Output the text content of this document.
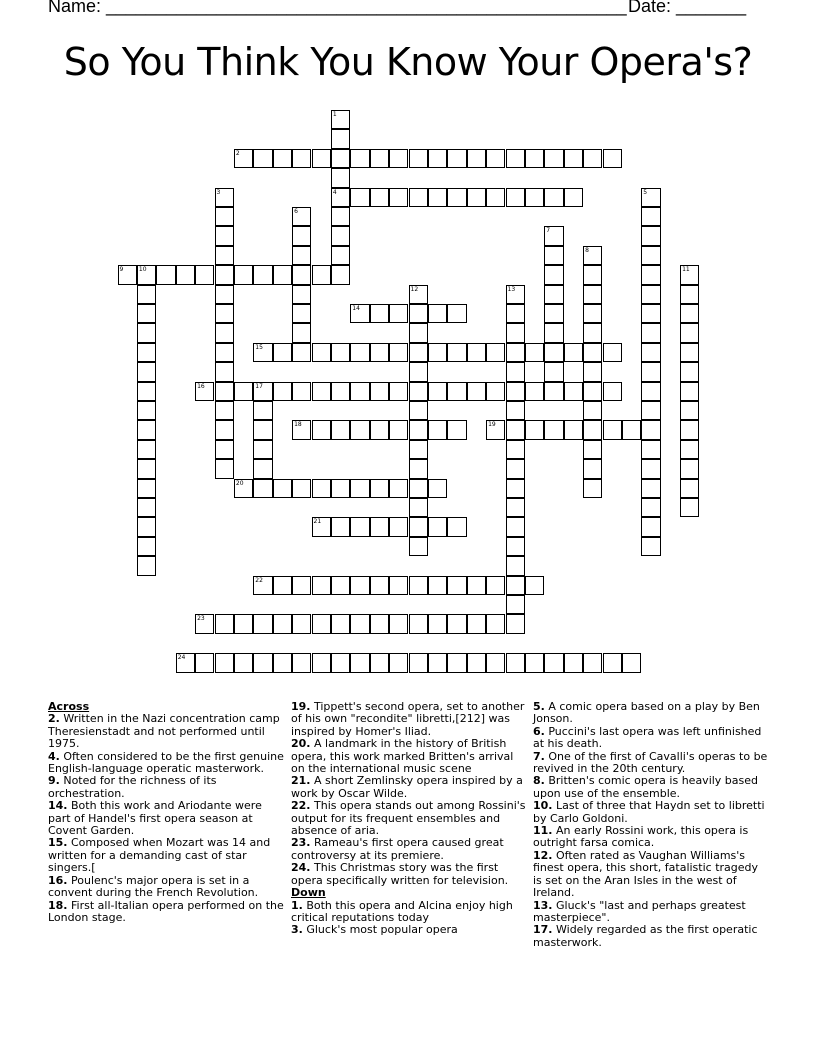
Name: ____________________________________________________ Date: _______
So You Think You Know Your Opera's?
2
4
9	10
14
15
16	17
18	19
20
21
22
23
24
1
3	5
6
7
8
11
12	13
Across
2. Written in the Nazi concentration camp Theresienstadt and not performed until 1975.
4. Often considered to be the first genuine English-language operatic masterwork.
9. Noted for the richness of its orchestration.
14. Both this work and Ariodante were part of Handel's first opera season at Covent Garden.
15. Composed when Mozart was 14 and written for a demanding cast of star singers.[
16. Poulenc's major opera is set in a convent during the French Revolution.
18. First all-Italian opera performed on the London stage.
19. Tippett's second opera, set to another of his own "recondite" libretti,[212] was inspired by Homer's Iliad.
20. A landmark in the history of British opera, this work marked Britten's arrival on the international music scene
21. A short Zemlinsky opera inspired by a work by Oscar Wilde.
22. This opera stands out among Rossini's output for its frequent ensembles and absence of aria.
23. Rameau's first opera caused great controversy at its premiere.
24. This Christmas story was the first opera specifically written for television.
Down
1. Both this opera and Alcina enjoy high critical reputations today
3. Gluck's most popular opera
5. A comic opera based on a play by Ben Jonson.
6. Puccini's last opera was left unfinished at his death.
7. One of the first of Cavalli's operas to be revived in the 20th century.
8. Britten's comic opera is heavily based upon use of the ensemble.
10. Last of three that Haydn set to libretti by Carlo Goldoni.
11. An early Rossini work, this opera is outright farsa comica.
12. Often rated as Vaughan Williams's finest opera, this short, fatalistic tragedy is set on the Aran Isles in the west of Ireland.
13. Gluck's "last and perhaps greatest masterpiece".
17. Widely regarded as the first operatic masterwork.
